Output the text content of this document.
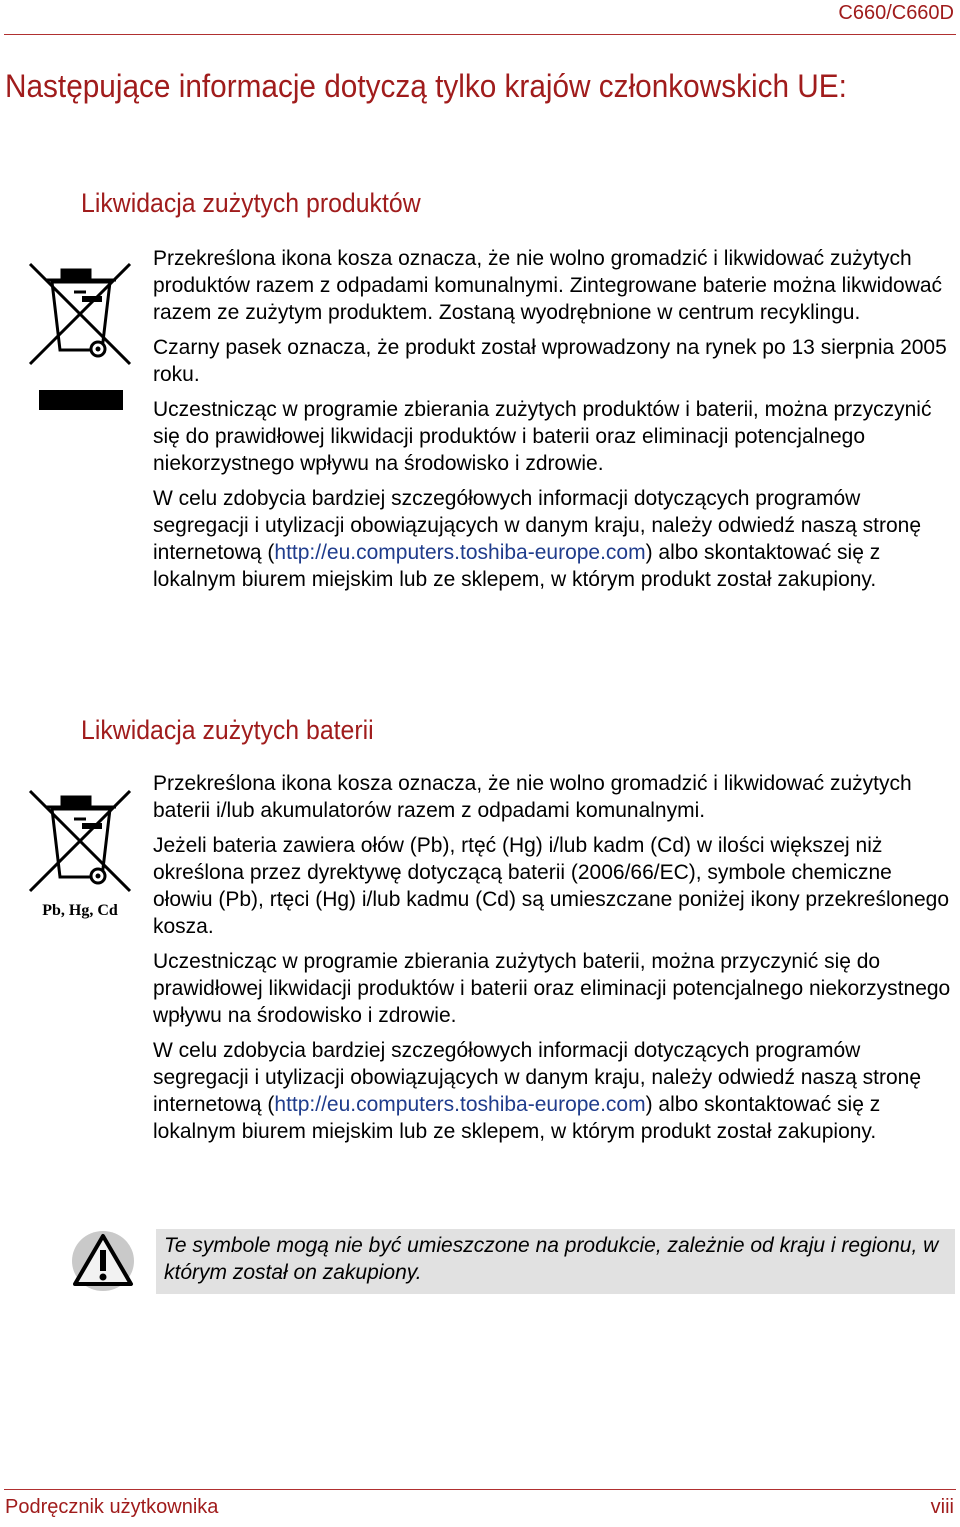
C660/C660D
Następujące informacje dotyczą tylko krajów członkowskich UE:
Likwidacja zużytych produktów

Przekreślona ikona kosza oznacza, że nie wolno gromadzić i likwidować zużytych produktów razem z odpadami komunalnymi. Zintegrowane baterie można likwidować razem ze zużytym produktem. Zostaną wyodrębnione w centrum recyklingu.

Czarny pasek oznacza, że produkt został wprowadzony na rynek po 13 sierpnia 2005 roku.

Uczestnicząc w programie zbierania zużytych produktów i baterii, można przyczynić się do prawidłowej likwidacji produktów i baterii oraz eliminacji potencjalnego niekorzystnego wpływu na środowisko i zdrowie.

W celu zdobycia bardziej szczegółowych informacji dotyczących programów segregacji i utylizacji obowiązujących w danym kraju, należy odwiedź naszą stronę internetową (http://eu.computers.toshiba-europe.com) albo skontaktować się z lokalnym biurem miejskim lub ze sklepem, w którym produkt został zakupiony.

Likwidacja zużytych baterii
Pb, Hg, Cd

Przekreślona ikona kosza oznacza, że nie wolno gromadzić i likwidować zużytych baterii i/lub akumulatorów razem z odpadami komunalnymi.

Jeżeli bateria zawiera ołów (Pb), rtęć (Hg) i/lub kadm (Cd) w ilości większej niż określona przez dyrektywę dotyczącą baterii (2006/66/EC), symbole chemiczne ołowiu (Pb), rtęci (Hg) i/lub kadmu (Cd) są umieszczane poniżej ikony przekreślonego kosza.

Uczestnicząc w programie zbierania zużytych baterii, można przyczynić się do prawidłowej likwidacji produktów i baterii oraz eliminacji potencjalnego niekorzystnego wpływu na środowisko i zdrowie.

W celu zdobycia bardziej szczegółowych informacji dotyczących programów segregacji i utylizacji obowiązujących w danym kraju, należy odwiedź naszą stronę internetową (http://eu.computers.toshiba-europe.com) albo skontaktować się z lokalnym biurem miejskim lub ze sklepem, w którym produkt został zakupiony.

Te symbole mogą nie być umieszczone na produkcie, zależnie od kraju i regionu, w którym został on zakupiony.

Podręcznik użytkownika	viii
